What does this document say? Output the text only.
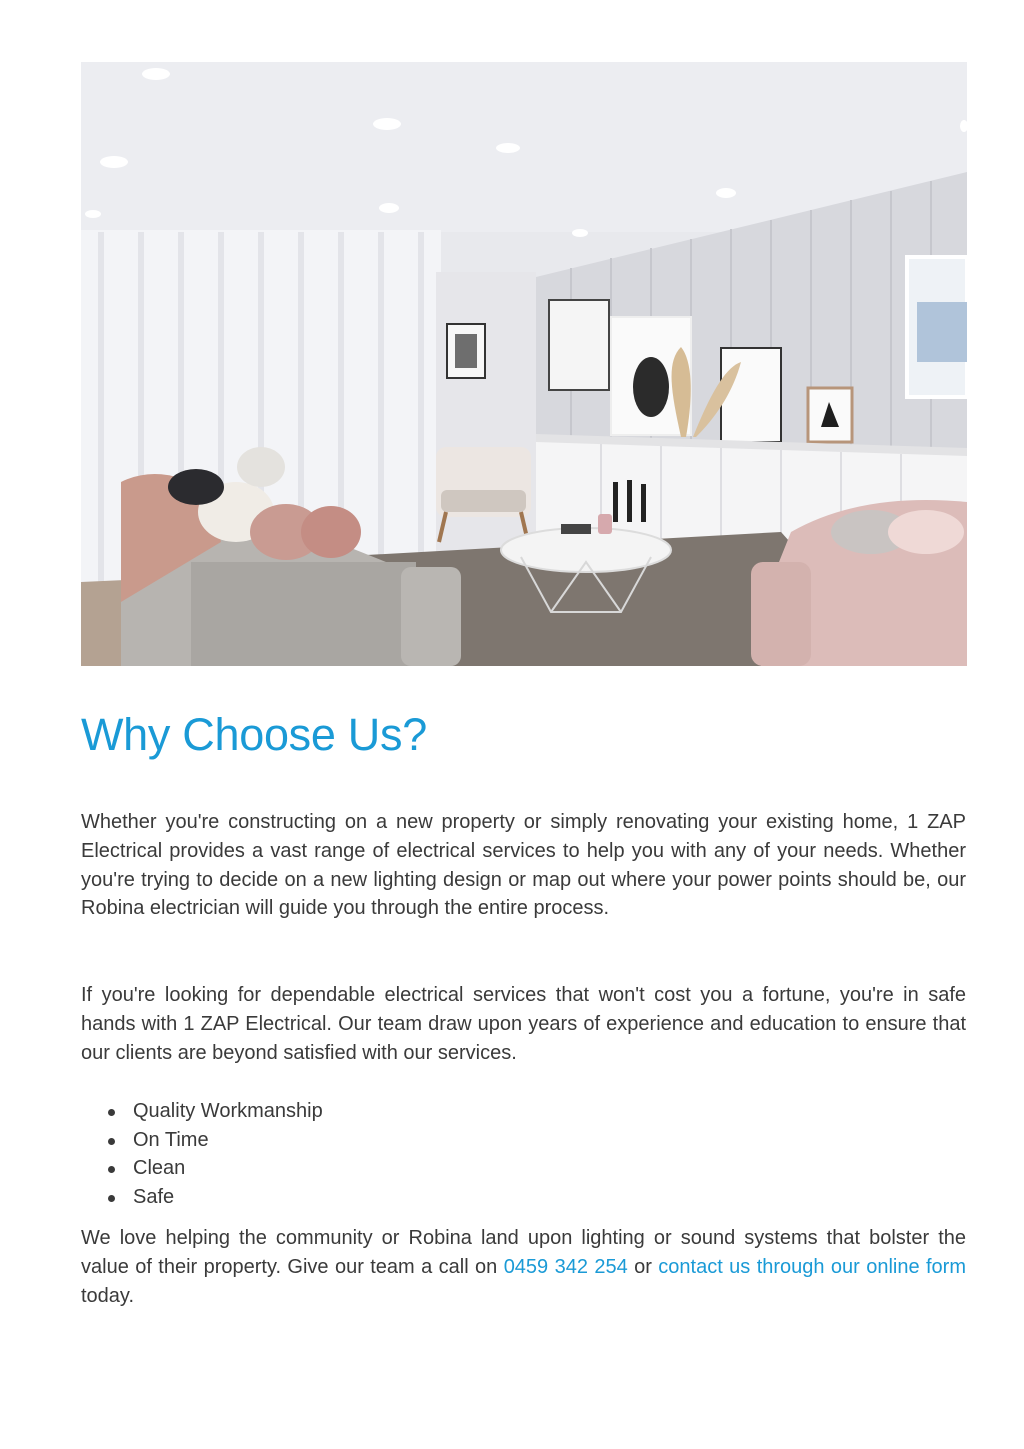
Why Choose Us?

Whether you're constructing on a new property or simply renovating your existing home, 1 ZAP Electrical provides a vast range of electrical services to help you with any of your needs. Whether you're trying to decide on a new lighting design or map out where your power points should be, our Robina electrician will guide you through the entire process.

If you're looking for dependable electrical services that won't cost you a fortune, you're in safe hands with 1 ZAP Electrical. Our team draw upon years of experience and education to ensure that our clients are beyond satisfied with our services.

Quality Workmanship
On Time
Clean
Safe

We love helping the community or Robina land upon lighting or sound systems that bolster the value of their property. Give our team a call on 0459 342 254 or contact us through our online form today.
